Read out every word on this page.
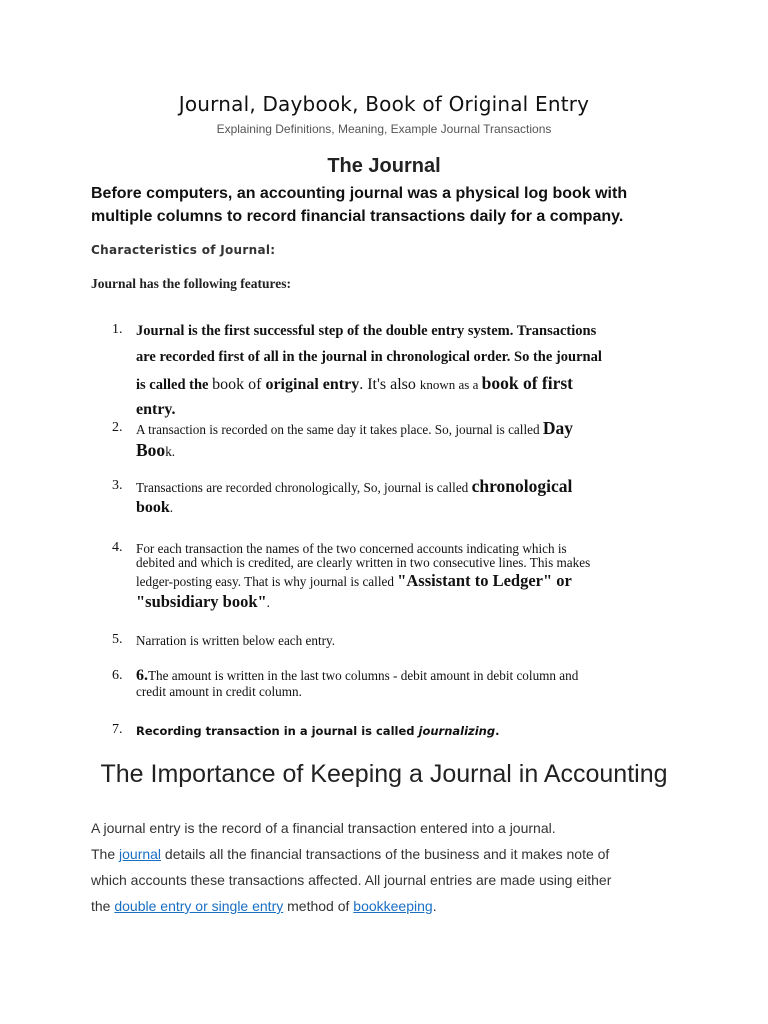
Journal, Daybook, Book of Original Entry
Explaining Definitions, Meaning, Example Journal Transactions
The Journal
Before computers, an accounting journal was a physical log book with multiple columns to record financial transactions daily for a company.
Characteristics of Journal:
Journal has the following features:
1. Journal is the first successful step of the double entry system. Transactions
are recorded first of all in the journal in chronological order. So the journal
is called the book of original entry. It's also known as a book of first
entry.
2.	A transaction is recorded on the same day it takes place. So, journal is called Day
Book.
3.	Transactions are recorded chronologically, So, journal is called chronological
book.
4.	For each transaction the names of the two concerned accounts indicating which is
debited and which is credited, are clearly written in two consecutive lines. This makes
ledger-posting easy. That is why journal is called "Assistant to Ledger" or
"subsidiary book".
5.	Narration is written below each entry.
6. 6.The amount is written in the last two columns - debit amount in debit column and
credit amount in credit column.
7.	Recording transaction in a journal is called journalizing.
The Importance of Keeping a Journal in Accounting
A journal entry is the record of a financial transaction entered into a journal.
The journal details all the financial transactions of the business and it makes note of
which accounts these transactions affected. All journal entries are made using either
the double entry or single entry method of bookkeeping.
